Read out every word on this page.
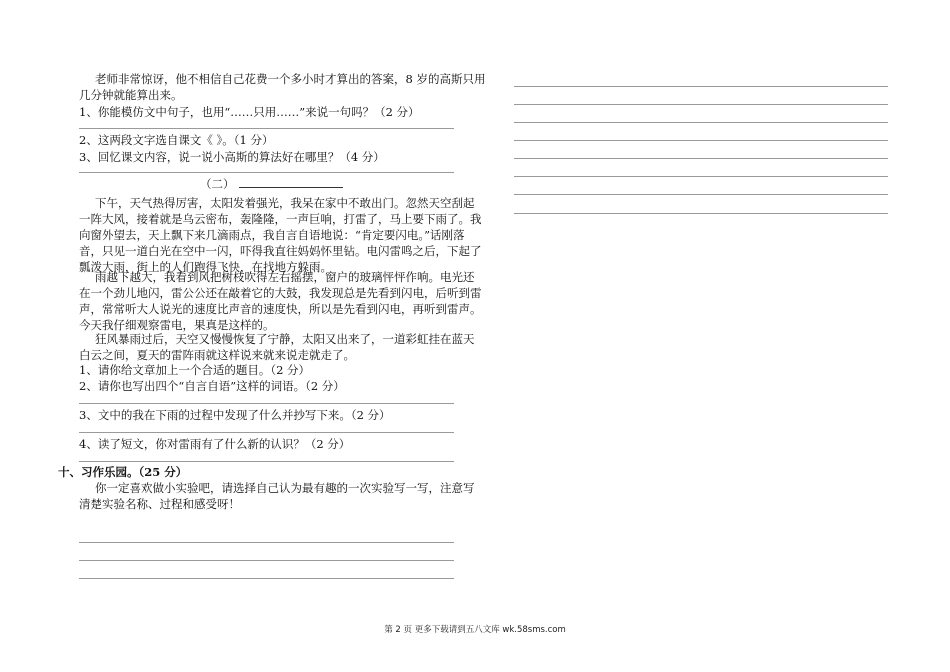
老师非常惊讶，他不相信自己花费一个多小时才算出的答案，8 岁的高斯只用
几分钟就能算出来。
1、你能模仿文中句子，也用“……只用……”来说一句吗？（2 分）
2、这两段文字选自课文《 》。（1 分）
3、回忆课文内容，说一说小高斯的算法好在哪里？（4 分）
（二）
下午，天气热得厉害，太阳发着强光，我呆在家中不敢出门。忽然天空刮起
一阵大风，接着就是乌云密布，轰隆隆，一声巨响，打雷了，马上要下雨了。我
向窗外望去，天上飘下来几滴雨点，我自言自语地说：“肯定要闪电。”话刚落
音，只见一道白光在空中一闪，吓得我直往妈妈怀里钻。电闪雷鸣之后，下起了
瓢泼大雨，街上的人们跑得飞快，在找地方躲雨。
雨越下越大，我看到风把树枝吹得左右摇摆，窗户的玻璃怦怦作响。电光还
在一个劲儿地闪，雷公公还在敲着它的大鼓，我发现总是先看到闪电，后听到雷
声，常常听大人说光的速度比声音的速度快，所以是先看到闪电，再听到雷声。
今天我仔细观察雷电，果真是这样的。
狂风暴雨过后，天空又慢慢恢复了宁静，太阳又出来了，一道彩虹挂在蓝天
白云之间，夏天的雷阵雨就这样说来就来说走就走了。
1、请你给文章加上一个合适的题目。（2 分）
2、请你也写出四个“自言自语”这样的词语。（2 分）
3、文中的我在下雨的过程中发现了什么并抄写下来。（2 分）
4、读了短文，你对雷雨有了什么新的认识？（2 分）
十、习作乐园。（25 分）
你一定喜欢做小实验吧，请选择自己认为最有趣的一次实验写一写，注意写
清楚实验名称、过程和感受呀！
第 2 页 更多下载请到五八文库 wk.58sms.com
